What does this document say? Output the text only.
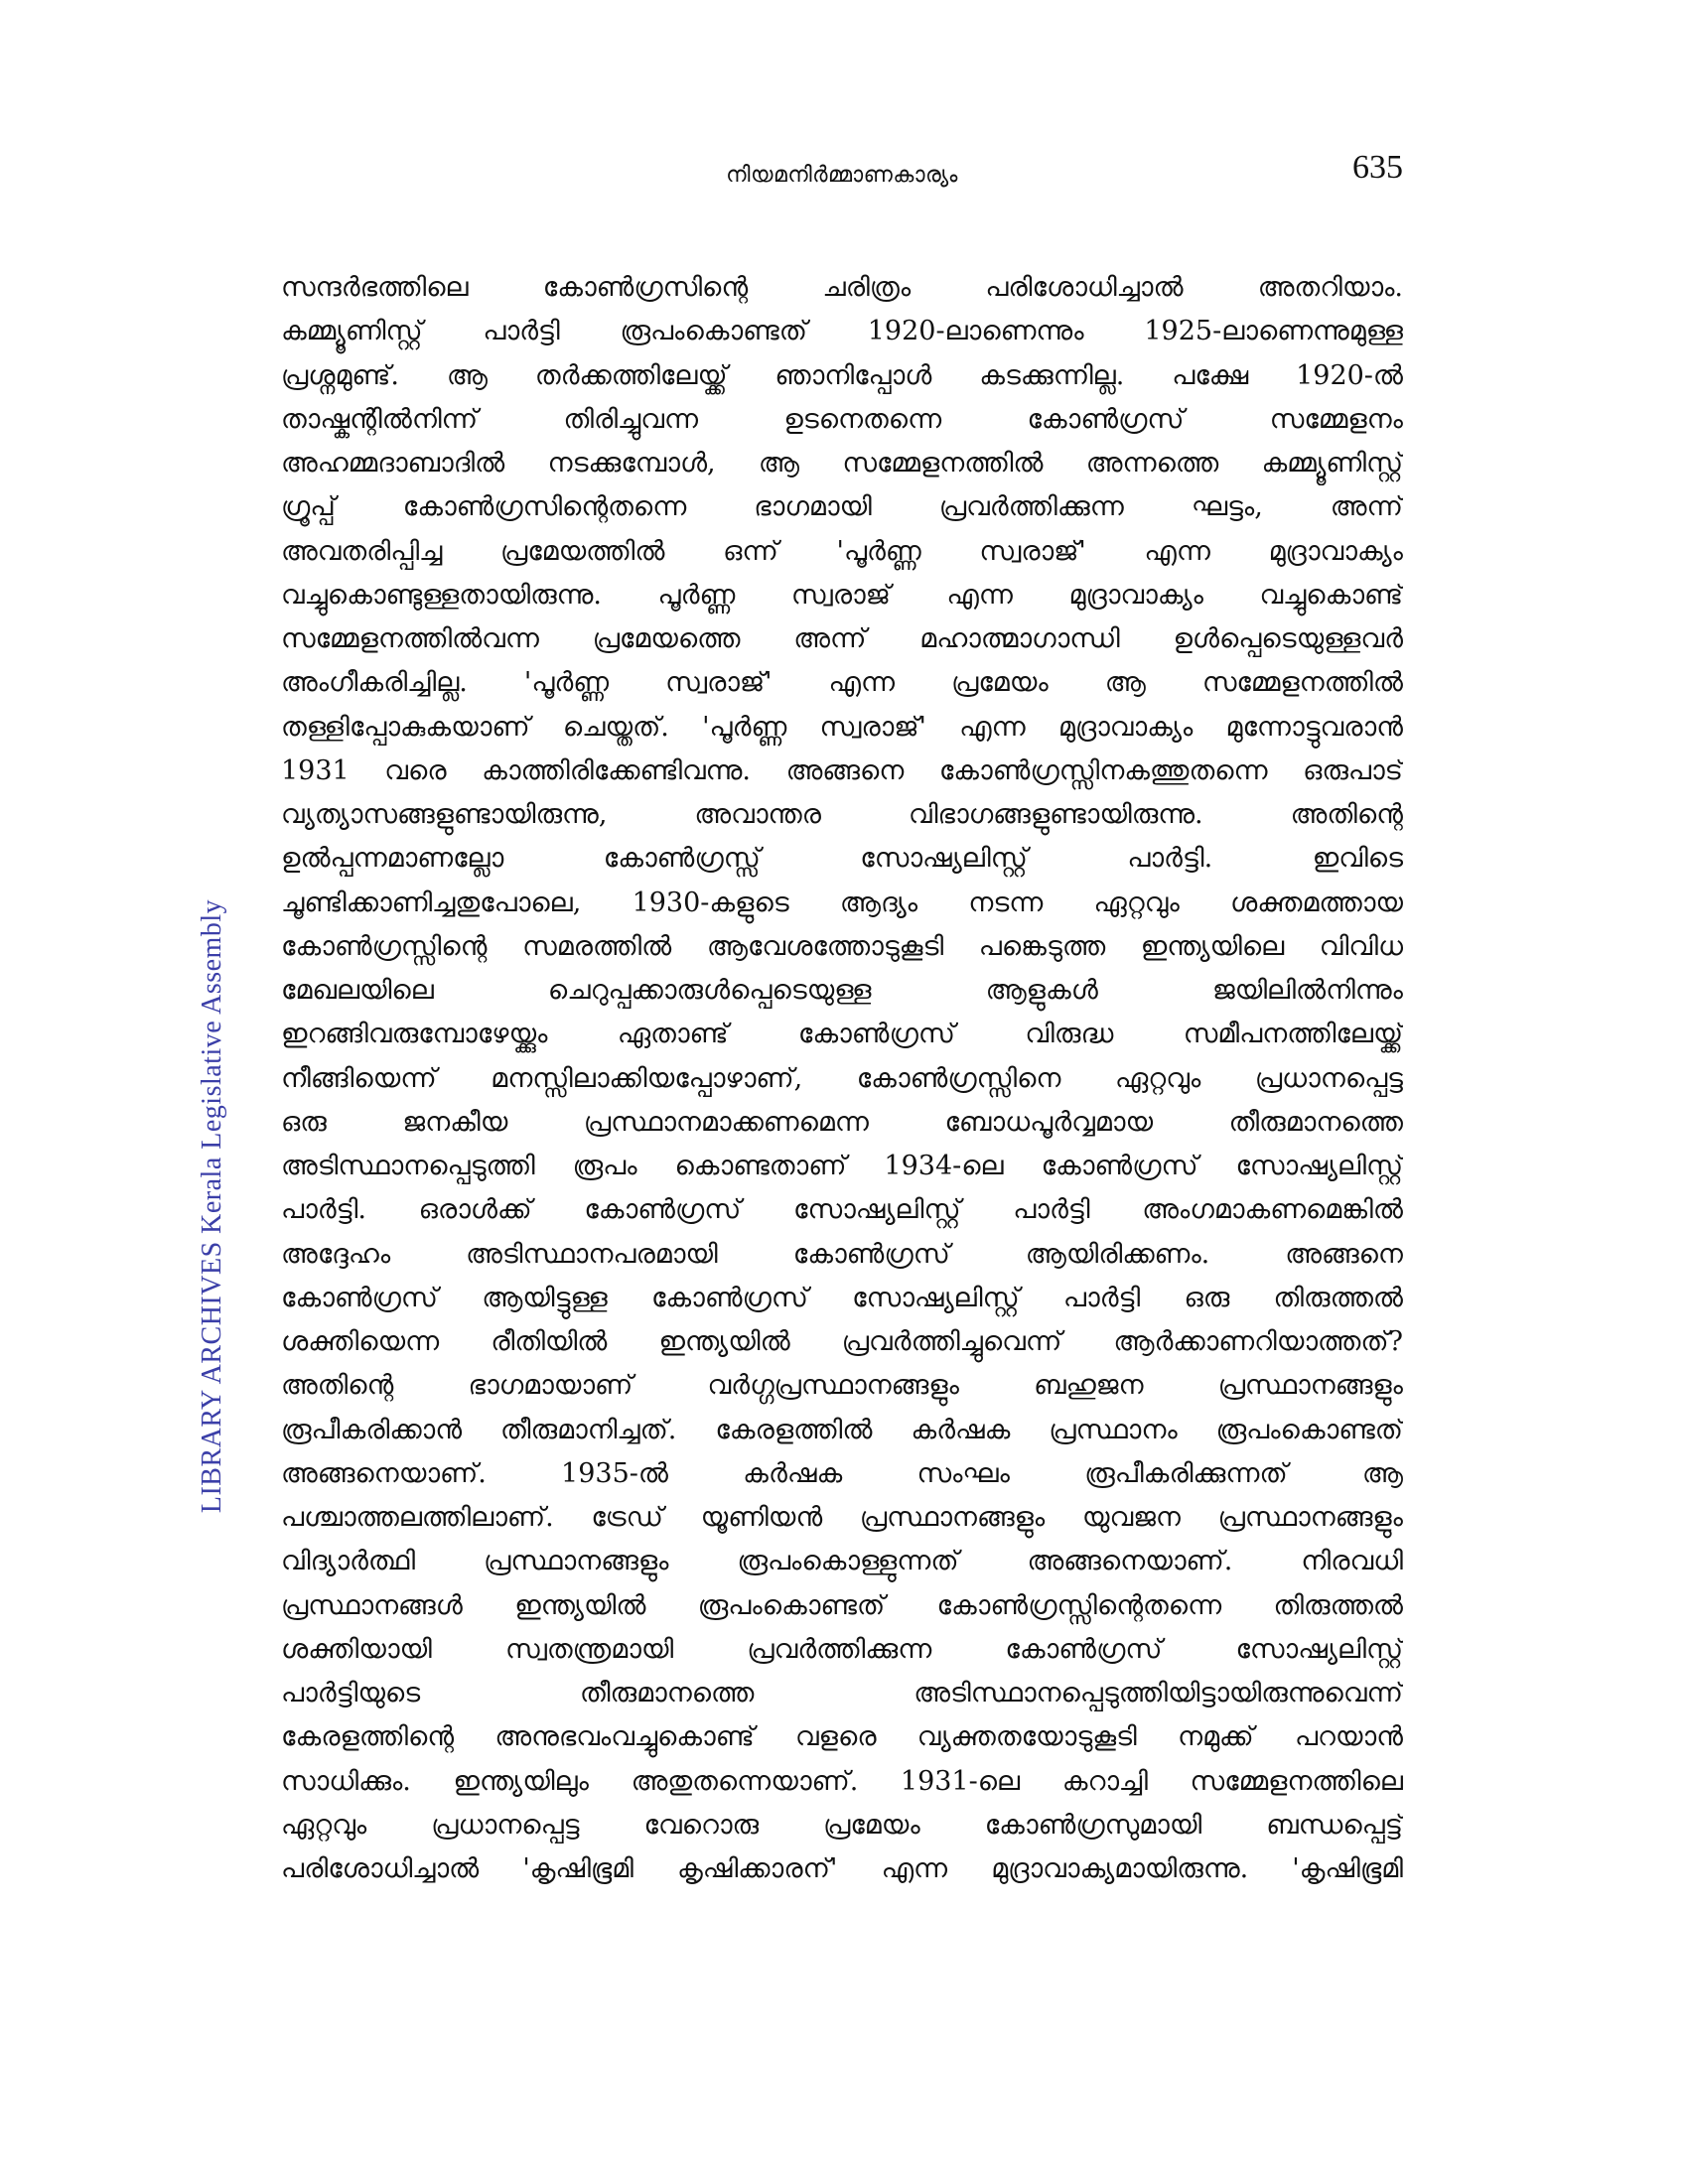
നിയമനിർമ്മാണകാര്യം	635
LIBRARY ARCHIVES Kerala Legislative Assembly
സന്ദർഭത്തിലെ കോൺഗ്രസിന്റെ ചരിത്രം പരിശോധിച്ചാൽ അതറിയാം.
കമ്മ്യൂണിസ്റ്റ് പാർട്ടി രൂപംകൊണ്ടത് 1920-ലാണെന്നും 1925-ലാണെന്നുമുള്ള
പ്രശ്നമുണ്ട്. ആ തർക്കത്തിലേയ്ക്ക് ഞാനിപ്പോൾ കടക്കുന്നില്ല. പക്ഷേ 1920-ൽ
താഷ്കന്റിൽനിന്ന് തിരിച്ചുവന്ന ഉടനെതന്നെ കോൺഗ്രസ് സമ്മേളനം
അഹമ്മദാബാദിൽ നടക്കുമ്പോൾ, ആ സമ്മേളനത്തിൽ അന്നത്തെ കമ്മ്യൂണിസ്റ്റ്
ഗ്രൂപ്പ് കോൺഗ്രസിന്റെതന്നെ ഭാഗമായി പ്രവർത്തിക്കുന്ന ഘട്ടം, അന്ന്
അവതരിപ്പിച്ച പ്രമേയത്തിൽ ഒന്ന് 'പൂർണ്ണ സ്വരാജ്' എന്ന മുദ്രാവാക്യം
വച്ചുകൊണ്ടുള്ളതായിരുന്നു. പൂർണ്ണ സ്വരാജ് എന്ന മുദ്രാവാക്യം വച്ചുകൊണ്ട്
സമ്മേളനത്തിൽവന്ന പ്രമേയത്തെ അന്ന് മഹാത്മാഗാന്ധി ഉൾപ്പെടെയുള്ളവർ
അംഗീകരിച്ചില്ല. 'പൂർണ്ണ സ്വരാജ്' എന്ന പ്രമേയം ആ സമ്മേളനത്തിൽ
തള്ളിപ്പോകുകയാണ് ചെയ്തത്. 'പൂർണ്ണ സ്വരാജ്' എന്ന മുദ്രാവാക്യം മുന്നോട്ടുവരാൻ
1931 വരെ കാത്തിരിക്കേണ്ടിവന്നു. അങ്ങനെ കോൺഗ്രസ്സിനകത്തുതന്നെ ഒരുപാട്
വ്യത്യാസങ്ങളുണ്ടായിരുന്നു, അവാന്തര വിഭാഗങ്ങളുണ്ടായിരുന്നു. അതിന്റെ
ഉൽപ്പന്നമാണല്ലോ കോൺഗ്രസ്സ് സോഷ്യലിസ്റ്റ് പാർട്ടി. ഇവിടെ
ചൂണ്ടിക്കാണിച്ചതുപോലെ, 1930-കളുടെ ആദ്യം നടന്ന ഏറ്റവും ശക്തമത്തായ
കോൺഗ്രസ്സിന്റെ സമരത്തിൽ ആവേശത്തോടുകൂടി പങ്കെടുത്ത ഇന്ത്യയിലെ വിവിധ
മേഖലയിലെ ചെറുപ്പക്കാരുൾപ്പെടെയുള്ള ആളുകൾ ജയിലിൽനിന്നും
ഇറങ്ങിവരുമ്പോഴേയ്ക്കും ഏതാണ്ട് കോൺഗ്രസ് വിരുദ്ധ സമീപനത്തിലേയ്ക്ക്
നീങ്ങിയെന്ന് മനസ്സിലാക്കിയപ്പോഴാണ്, കോൺഗ്രസ്സിനെ ഏറ്റവും പ്രധാനപ്പെട്ട
ഒരു ജനകീയ പ്രസ്ഥാനമാക്കണമെന്ന ബോധപൂർവ്വമായ തീരുമാനത്തെ
അടിസ്ഥാനപ്പെടുത്തി രൂപം കൊണ്ടതാണ് 1934-ലെ കോൺഗ്രസ് സോഷ്യലിസ്റ്റ്
പാർട്ടി. ഒരാൾക്ക് കോൺഗ്രസ് സോഷ്യലിസ്റ്റ് പാർട്ടി അംഗമാകണമെങ്കിൽ
അദ്ദേഹം അടിസ്ഥാനപരമായി കോൺഗ്രസ് ആയിരിക്കണം. അങ്ങനെ
കോൺഗ്രസ് ആയിട്ടുള്ള കോൺഗ്രസ് സോഷ്യലിസ്റ്റ് പാർട്ടി ഒരു തിരുത്തൽ
ശക്തിയെന്ന രീതിയിൽ ഇന്ത്യയിൽ പ്രവർത്തിച്ചുവെന്ന് ആർക്കാണറിയാത്തത്?
അതിന്റെ ഭാഗമായാണ് വർഗ്ഗപ്രസ്ഥാനങ്ങളും ബഹുജന പ്രസ്ഥാനങ്ങളും
രൂപീകരിക്കാൻ തീരുമാനിച്ചത്. കേരളത്തിൽ കർഷക പ്രസ്ഥാനം രൂപംകൊണ്ടത്
അങ്ങനെയാണ്. 1935-ൽ കർഷക സംഘം രൂപീകരിക്കുന്നത് ആ
പശ്ചാത്തലത്തിലാണ്. ട്രേഡ് യൂണിയൻ പ്രസ്ഥാനങ്ങളും യുവജന പ്രസ്ഥാനങ്ങളും
വിദ്യാർത്ഥി പ്രസ്ഥാനങ്ങളും രൂപംകൊള്ളുന്നത് അങ്ങനെയാണ്. നിരവധി
പ്രസ്ഥാനങ്ങൾ ഇന്ത്യയിൽ രൂപംകൊണ്ടത് കോൺഗ്രസ്സിന്റെതന്നെ തിരുത്തൽ
ശക്തിയായി സ്വതന്ത്രമായി പ്രവർത്തിക്കുന്ന കോൺഗ്രസ് സോഷ്യലിസ്റ്റ്
പാർട്ടിയുടെ തീരുമാനത്തെ അടിസ്ഥാനപ്പെടുത്തിയിട്ടായിരുന്നുവെന്ന്
കേരളത്തിന്റെ അനുഭവംവച്ചുകൊണ്ട് വളരെ വ്യക്തതയോടുകൂടി നമുക്ക് പറയാൻ
സാധിക്കും. ഇന്ത്യയിലും അതുതന്നെയാണ്. 1931-ലെ കറാച്ചി സമ്മേളനത്തിലെ
ഏറ്റവും പ്രധാനപ്പെട്ട വേറൊരു പ്രമേയം കോൺഗ്രസുമായി ബന്ധപ്പെട്ട്
പരിശോധിച്ചാൽ 'കൃഷിഭൂമി കൃഷിക്കാരന്' എന്ന മുദ്രാവാക്യമായിരുന്നു. 'കൃഷിഭൂമി
